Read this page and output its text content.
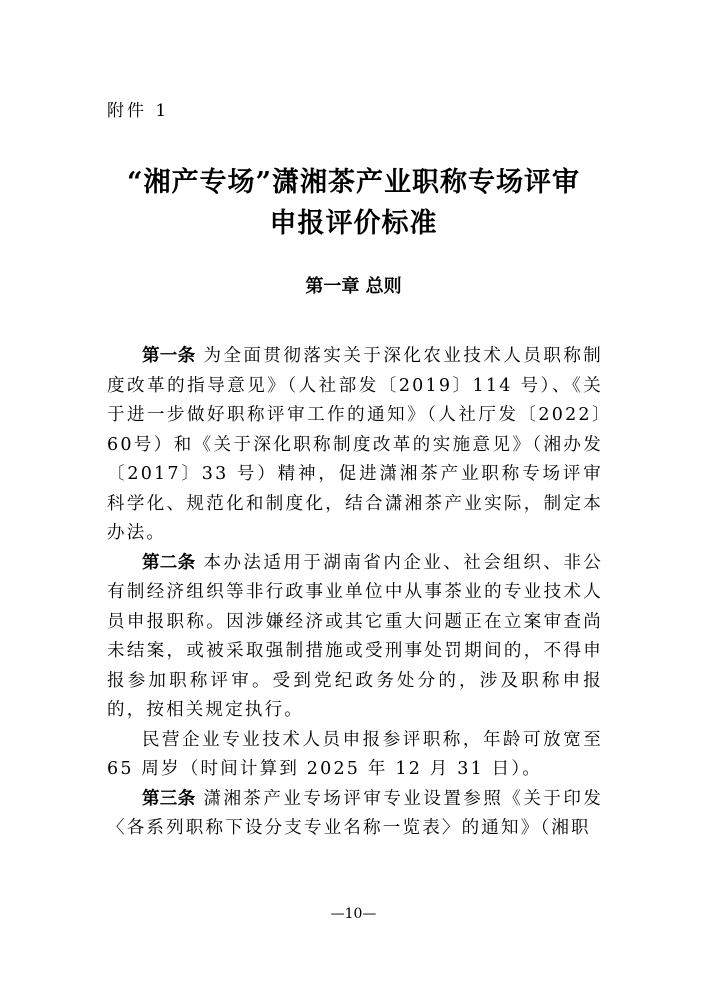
附件 1
“湘产专场”潇湘茶产业职称专场评审
申报评价标准
第一章 总则

第一条 为全面贯彻落实关于深化农业技术人员职称制度改革的指导意见》（人社部发〔2019〕114 号）、《关于进一步做好职称评审工作的通知》（人社厅发〔2022〕60号）和《关于深化职称制度改革的实施意见》（湘办发〔2017〕33 号）精神，促进潇湘茶产业职称专场评审科学化、规范化和制度化，结合潇湘茶产业实际，制定本办法。

第二条 本办法适用于湖南省内企业、社会组织、非公有制经济组织等非行政事业单位中从事茶业的专业技术人员申报职称。因涉嫌经济或其它重大问题正在立案审查尚未结案，或被采取强制措施或受刑事处罚期间的，不得申报参加职称评审。受到党纪政务处分的，涉及职称申报的，按相关规定执行。

民营企业专业技术人员申报参评职称，年龄可放宽至65 周岁（时间计算到 2025 年 12 月 31 日）。

第三条 潇湘茶产业专场评审专业设置参照《关于印发〈各系列职称下设分支专业名称一览表〉的通知》（湘职

—10—
